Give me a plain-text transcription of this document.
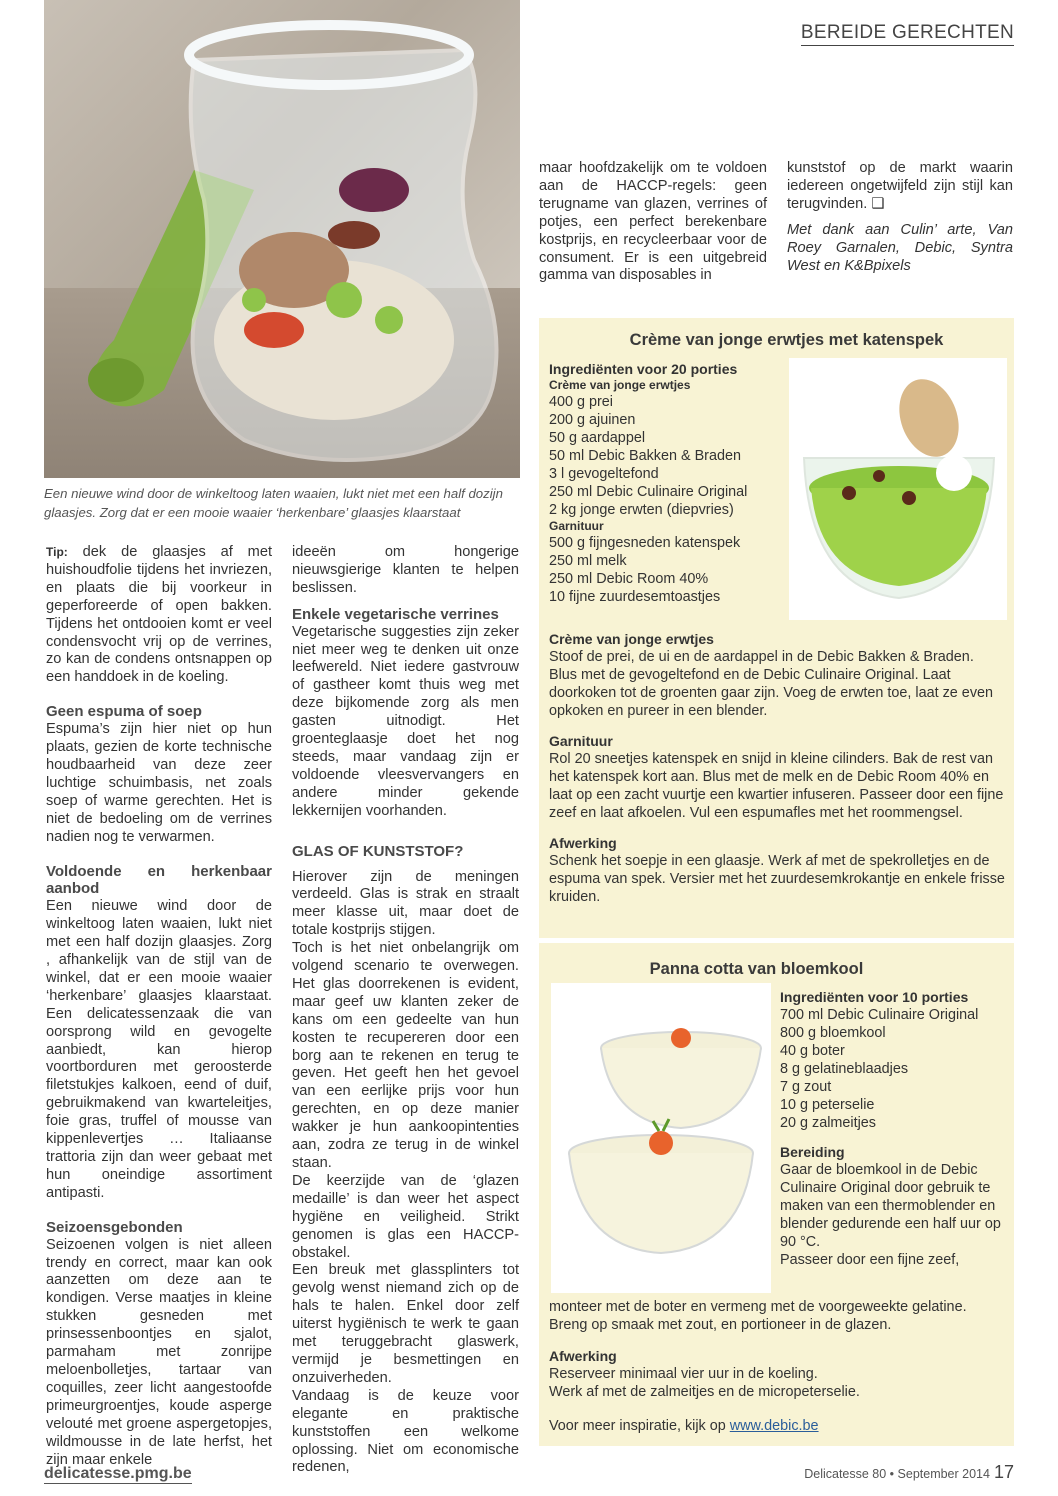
BEREIDE GERECHTEN
Een nieuwe wind door de winkeltoog laten waaien, lukt niet met een half dozijn glaasjes. Zorg dat er een mooie waaier ‘herkenbare’ glaasjes klaarstaat

Tip: dek de glaasjes af met huishoudfolie tijdens het invriezen, en plaats die bij voorkeur in geperforeerde of open bakken. Tijdens het ontdooien komt er veel condensvocht vrij op de verrines, zo kan de condens ontsnappen op een handdoek in de koeling.

Geen espuma of soep

Espuma’s zijn hier niet op hun plaats, gezien de korte technische houdbaarheid van deze zeer luchtige schuimbasis, net zoals soep of warme gerechten. Het is niet de bedoeling om de verrines nadien nog te verwarmen.

Voldoende en herkenbaar aanbod

Een nieuwe wind door de winkeltoog laten waaien, lukt niet met een half dozijn glaasjes. Zorg , afhankelijk van de stijl van de winkel, dat er een mooie waaier ‘herkenbare’ glaasjes klaarstaat. Een delicatessenzaak die van oorsprong wild en gevogelte aanbiedt, kan hierop voortborduren met geroosterde filetstukjes kalkoen, eend of duif, gebruikmakend van kwarteleitjes, foie gras, truffel of mousse van kippenlevertjes … Italiaanse trattoria zijn dan weer gebaat met hun oneindige assortiment antipasti.

Seizoensgebonden

Seizoenen volgen is niet alleen trendy en correct, maar kan ook aanzetten om deze aan te kondigen. Verse maatjes in kleine stukken gesneden met prinsessenboontjes en sjalot, parmaham met zonrijpe meloenbolletjes, tartaar van coquilles, zeer licht aangestoofde primeurgroentjes, koude asperge velouté met groene aspergetopjes, wildmousse in de late herfst, het zijn maar enkele

ideeën om hongerige nieuwsgierige klanten te helpen beslissen.

Enkele vegetarische verrines

Vegetarische suggesties zijn zeker niet meer weg te denken uit onze leefwereld. Niet iedere gastvrouw of gastheer komt thuis weg met deze bijkomende zorg als men gasten uitnodigt. Het groenteglaasje doet het nog steeds, maar vandaag zijn er voldoende vleesvervangers en andere minder gekende lekkernijen voorhanden.

GLAS OF KUNSTSTOF?

Hierover zijn de meningen verdeeld. Glas is strak en straalt meer klasse uit, maar doet de totale kostprijs stijgen.

Toch is het niet onbelangrijk om volgend scenario te overwegen. Het glas doorrekenen is evident, maar geef uw klanten zeker de kans om een gedeelte van hun kosten te recupereren door een borg aan te rekenen en terug te geven. Het geeft hen het gevoel van een eerlijke prijs voor hun gerechten, en op deze manier wakker je hun aankoopintenties aan, zodra ze terug in de winkel staan.

De keerzijde van de ‘glazen medaille’ is dan weer het aspect hygiëne en veiligheid. Strikt genomen is glas een HACCP-obstakel.

Een breuk met glassplinters tot gevolg wenst niemand zich op de hals te halen. Enkel door zelf uiterst hygiënisch te werk te gaan met teruggebracht glaswerk, vermijd je besmettingen en onzuiverheden.

Vandaag is de keuze voor elegante en praktische kunststoffen een welkome oplossing. Niet om economische redenen,

maar hoofdzakelijk om te voldoen aan de HACCP-regels: geen terugname van glazen, verrines of potjes, een perfect berekenbare kostprijs, en recycleerbaar voor de consument. Er is een uitgebreid gamma van disposables in

kunststof op de markt waarin iedereen ongetwijfeld zijn stijl kan terugvinden. ❑

Met dank aan Culin’ arte, Van Roey Garnalen, Debic, Syntra West en K&Bpixels

Crème van jonge erwtjes met katenspek
Ingrediënten voor 20 porties
Crème van jonge erwtjes
400 g prei
200 g ajuinen
50 g aardappel
50 ml Debic Bakken & Braden
3 l gevogeltefond
250 ml Debic Culinaire Original
2 kg jonge erwten (diepvries)
Garnituur
500 g fijngesneden katenspek
250 ml melk
250 ml Debic Room 40%
10 fijne zuurdesemtoastjes
Crème van jonge erwtjes
Stoof de prei, de ui en de aardappel in de Debic Bakken & Braden. Blus met de gevogeltefond en de Debic Culinaire Original. Laat doorkoken tot de groenten gaar zijn. Voeg de erwten toe, laat ze even opkoken en pureer in een blender.
Garnituur
Rol 20 sneetjes katenspek en snijd in kleine cilinders. Bak de rest van het katenspek kort aan. Blus met de melk en de Debic Room 40% en laat op een zacht vuurtje een kwartier infuseren. Passeer door een fijne zeef en laat afkoelen. Vul een espumafles met het roommengsel.
Afwerking
Schenk het soepje in een glaasje. Werk af met de spekrolletjes en de espuma van spek. Versier met het zuurdesemkrokantje en enkele frisse kruiden.
Panna cotta van bloemkool
Ingrediënten voor 10 porties
700 ml Debic Culinaire Original
800 g bloemkool
40 g boter
8 g gelatineblaadjes
7 g zout
10 g peterselie
20 g zalmeitjes
Bereiding
Gaar de bloemkool in de Debic Culinaire Original door gebruik te maken van een thermoblender en blender gedurende een half uur op 90 °C.
Passeer door een fijne zeef,
monteer met de boter en vermeng met de voorgeweekte gelatine. Breng op smaak met zout, en portioneer in de glazen.
Afwerking
Reserveer minimaal vier uur in de koeling.
Werk af met de zalmeitjes en de micropeterselie.
Voor meer inspiratie, kijk op www.debic.be
delicatesse.pmg.be	Delicatesse 80 • September 2014 17
